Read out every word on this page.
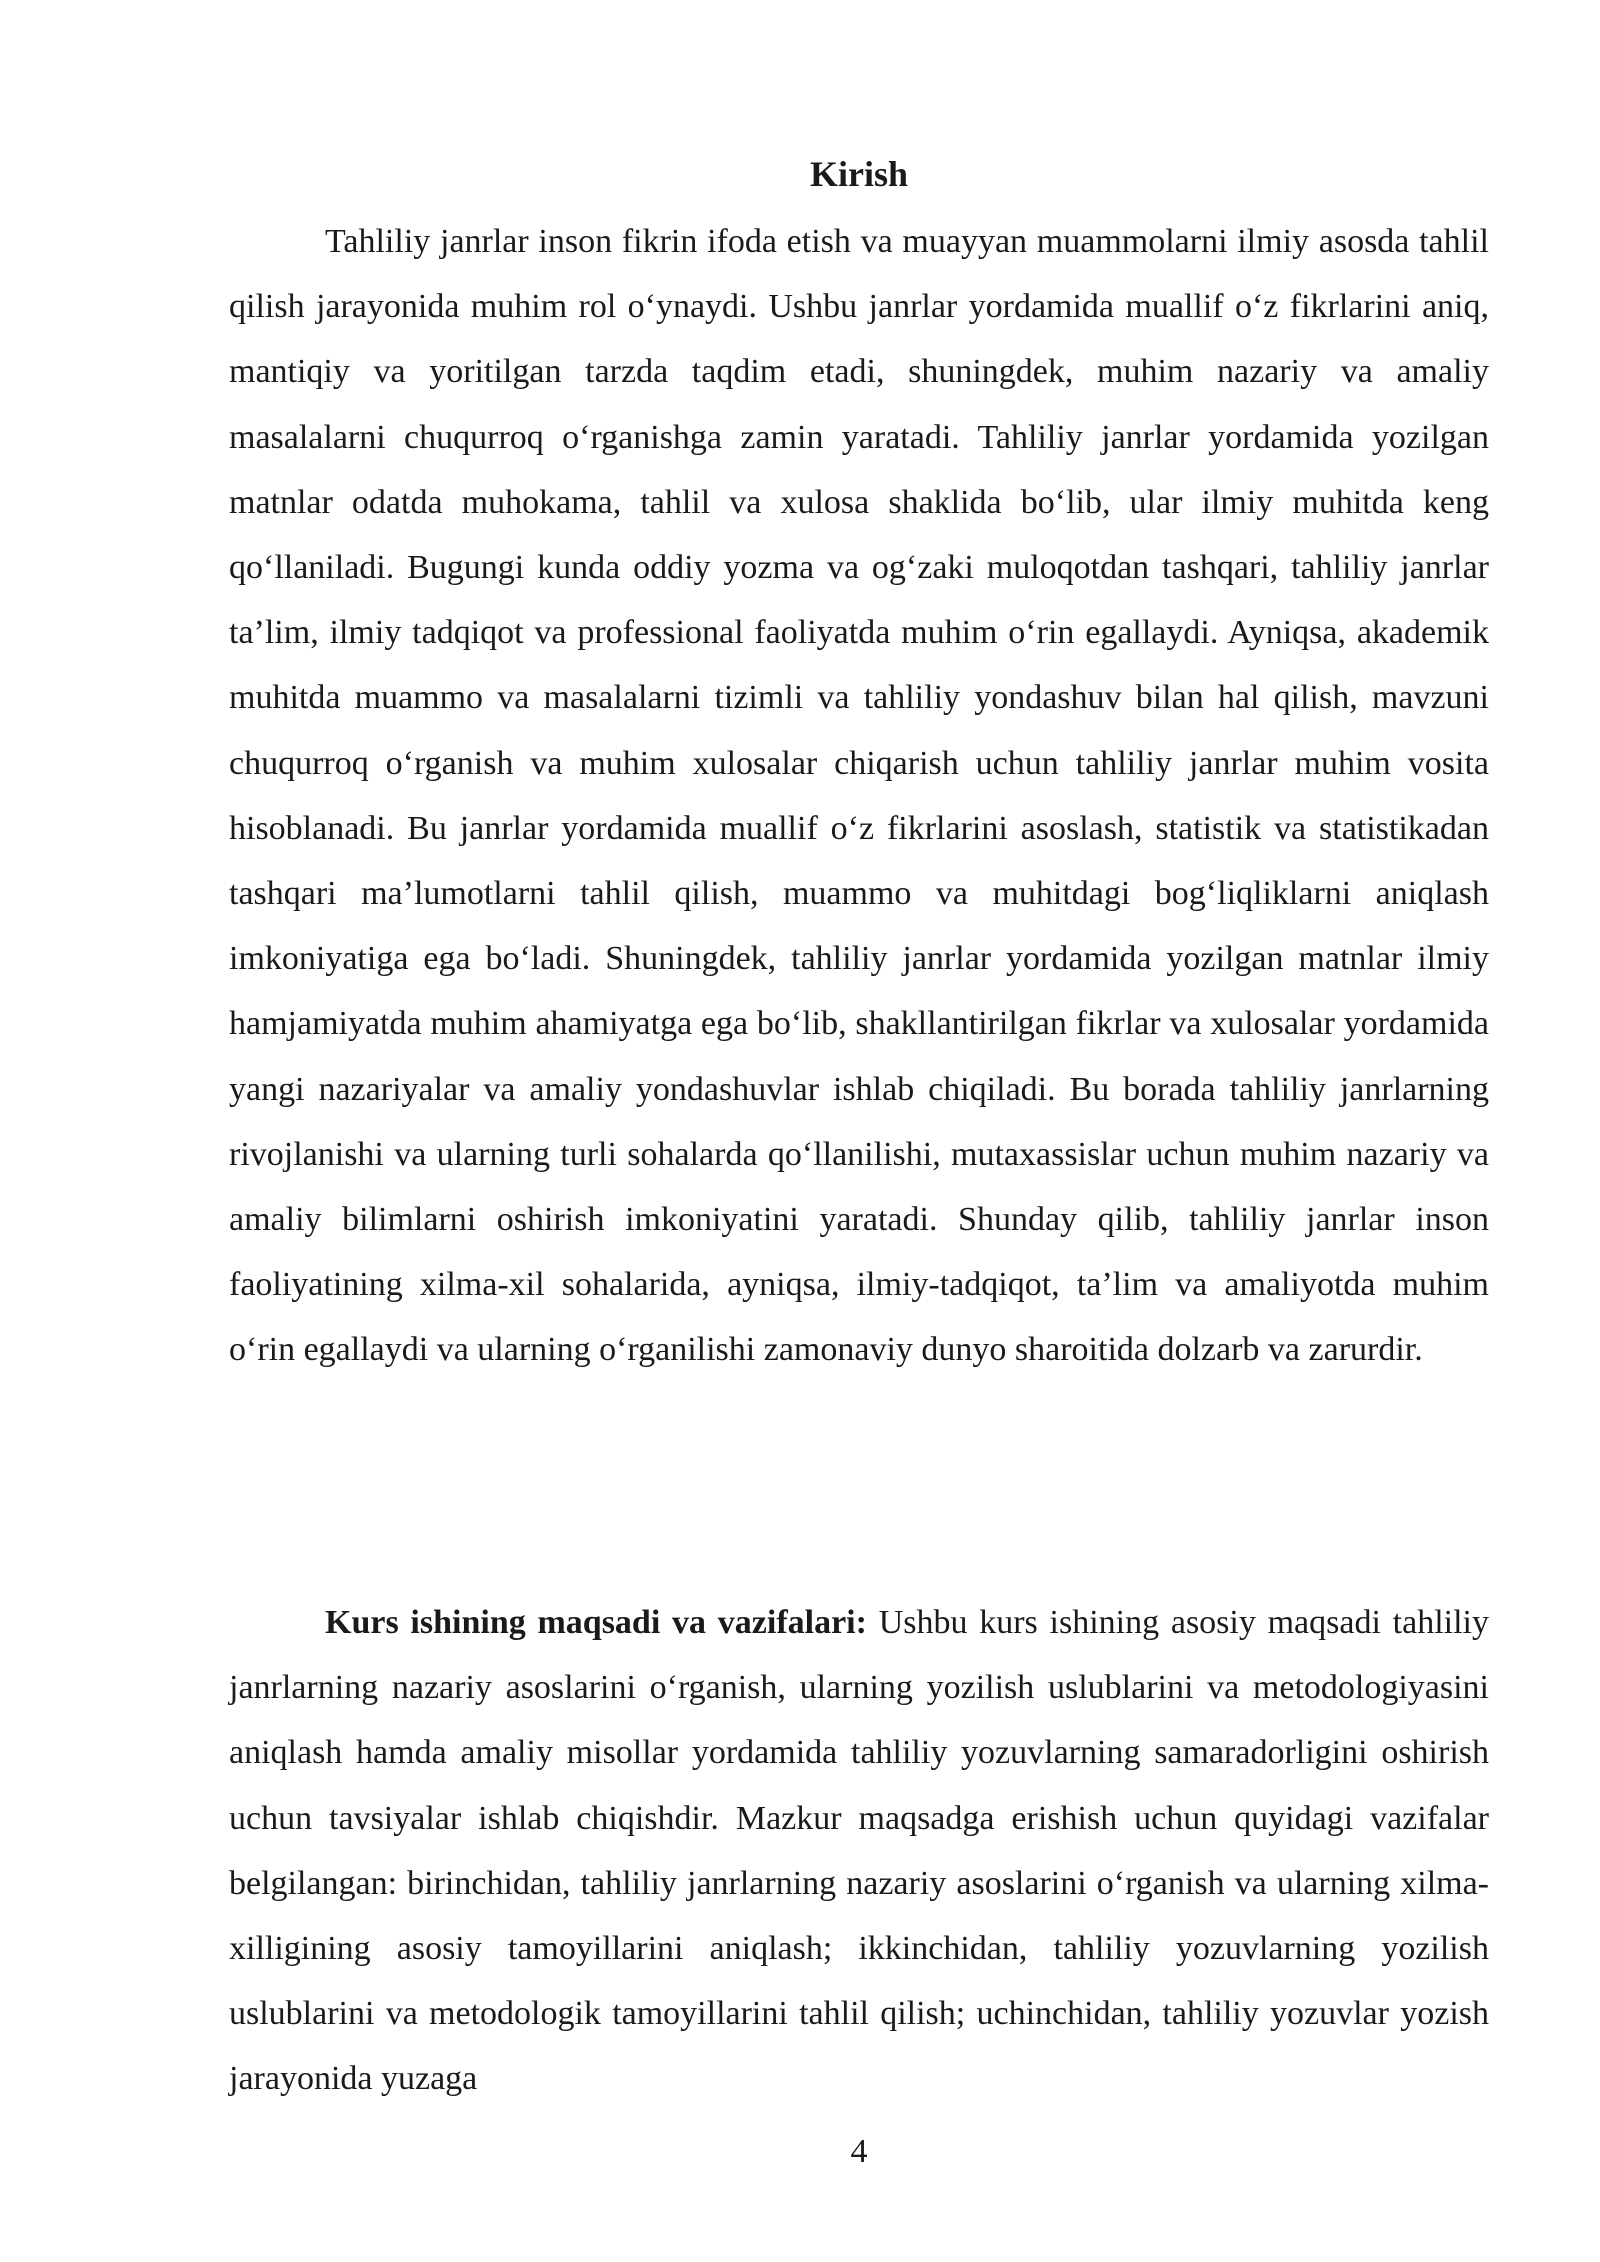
Kirish

Tahliliy janrlar inson fikrin ifoda etish va muayyan muammolarni ilmiy asosda tahlil qilish jarayonida muhim rol o‘ynaydi. Ushbu janrlar yordamida muallif o‘z fikrlarini aniq, mantiqiy va yoritilgan tarzda taqdim etadi, shuningdek, muhim nazariy va amaliy masalalarni chuqurroq o‘rganishga zamin yaratadi. Tahliliy janrlar yordamida yozilgan matnlar odatda muhokama, tahlil va xulosa shaklida bo‘lib, ular ilmiy muhitda keng qo‘llaniladi. Bugungi kunda oddiy yozma va og‘zaki muloqotdan tashqari, tahliliy janrlar ta’lim, ilmiy tadqiqot va professional faoliyatda muhim o‘rin egallaydi. Ayniqsa, akademik muhitda muammo va masalalarni tizimli va tahliliy yondashuv bilan hal qilish, mavzuni chuqurroq o‘rganish va muhim xulosalar chiqarish uchun tahliliy janrlar muhim vosita hisoblanadi. Bu janrlar yordamida muallif o‘z fikrlarini asoslash, statistik va statistikadan tashqari ma’lumotlarni tahlil qilish, muammo va muhitdagi bog‘liqliklarni aniqlash imkoniyatiga ega bo‘ladi. Shuningdek, tahliliy janrlar yordamida yozilgan matnlar ilmiy hamjamiyatda muhim ahamiyatga ega bo‘lib, shakllantirilgan fikrlar va xulosalar yordamida yangi nazariyalar va amaliy yondashuvlar ishlab chiqiladi. Bu borada tahliliy janrlarning rivojlanishi va ularning turli sohalarda qo‘llanilishi, mutaxassislar uchun muhim nazariy va amaliy bilimlarni oshirish imkoniyatini yaratadi. Shunday qilib, tahliliy janrlar inson faoliyatining xilma-xil sohalarida, ayniqsa, ilmiy-tadqiqot, ta’lim va amaliyotda muhim o‘rin egallaydi va ularning o‘rganilishi zamonaviy dunyo sharoitida dolzarb va zarurdir.

Kurs ishining maqsadi va vazifalari: Ushbu kurs ishining asosiy maqsadi tahliliy janrlarning nazariy asoslarini o‘rganish, ularning yozilish uslublarini va metodologiyasini aniqlash hamda amaliy misollar yordamida tahliliy yozuvlarning samaradorligini oshirish uchun tavsiyalar ishlab chiqishdir. Mazkur maqsadga erishish uchun quyidagi vazifalar belgilangan: birinchidan, tahliliy janrlarning nazariy asoslarini o‘rganish va ularning xilma-xilligining asosiy tamoyillarini aniqlash; ikkinchidan, tahliliy yozuvlarning yozilish uslublarini va metodologik tamoyillarini tahlil qilish; uchinchidan, tahliliy yozuvlar yozish jarayonida yuzaga

4
